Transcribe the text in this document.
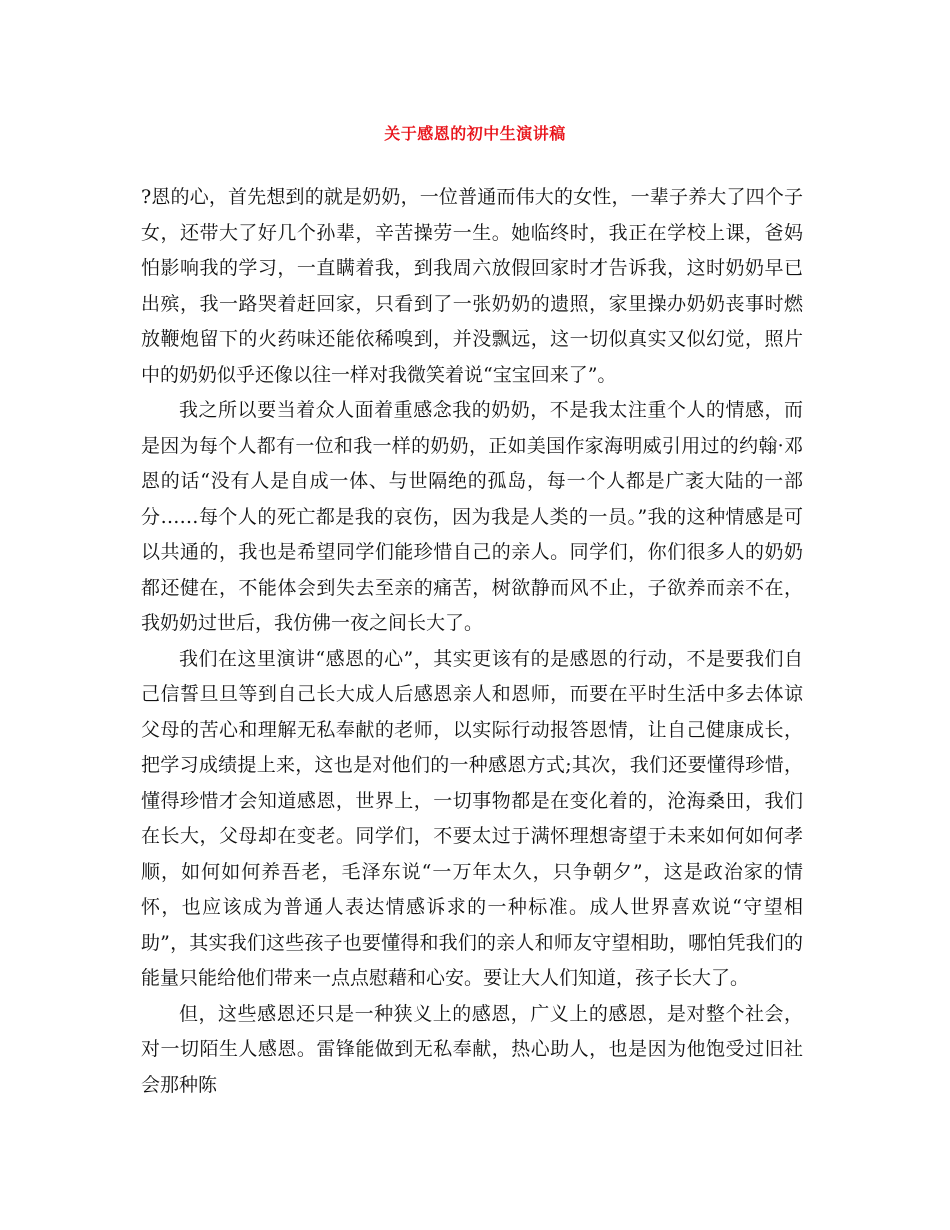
关于感恩的初中生演讲稿

?恩的心，首先想到的就是奶奶，一位普通而伟大的女性，一辈子养大了四个子女，还带大了好几个孙辈，辛苦操劳一生。她临终时，我正在学校上课，爸妈怕影响我的学习，一直瞒着我，到我周六放假回家时才告诉我，这时奶奶早已出殡，我一路哭着赶回家，只看到了一张奶奶的遗照，家里操办奶奶丧事时燃放鞭炮留下的火药味还能依稀嗅到，并没飘远，这一切似真实又似幻觉，照片中的奶奶似乎还像以往一样对我微笑着说“宝宝回来了”。

我之所以要当着众人面着重感念我的奶奶，不是我太注重个人的情感，而是因为每个人都有一位和我一样的奶奶，正如美国作家海明威引用过的约翰·邓恩的话“没有人是自成一体、与世隔绝的孤岛，每一个人都是广袤大陆的一部分……每个人的死亡都是我的哀伤，因为我是人类的一员。”我的这种情感是可以共通的，我也是希望同学们能珍惜自己的亲人。同学们，你们很多人的奶奶都还健在，不能体会到失去至亲的痛苦，树欲静而风不止，子欲养而亲不在，我奶奶过世后，我仿佛一夜之间长大了。

我们在这里演讲“感恩的心”，其实更该有的是感恩的行动，不是要我们自己信誓旦旦等到自己长大成人后感恩亲人和恩师，而要在平时生活中多去体谅父母的苦心和理解无私奉献的老师，以实际行动报答恩情，让自己健康成长，把学习成绩提上来，这也是对他们的一种感恩方式;其次，我们还要懂得珍惜，懂得珍惜才会知道感恩，世界上，一切事物都是在变化着的，沧海桑田，我们在长大，父母却在变老。同学们，不要太过于满怀理想寄望于未来如何如何孝顺，如何如何养吾老，毛泽东说“一万年太久，只争朝夕”，这是政治家的情怀，也应该成为普通人表达情感诉求的一种标准。成人世界喜欢说“守望相助”，其实我们这些孩子也要懂得和我们的亲人和师友守望相助，哪怕凭我们的能量只能给他们带来一点点慰藉和心安。要让大人们知道，孩子长大了。

但，这些感恩还只是一种狭义上的感恩，广义上的感恩，是对整个社会，对一切陌生人感恩。雷锋能做到无私奉献，热心助人，也是因为他饱受过旧社会那种陈
